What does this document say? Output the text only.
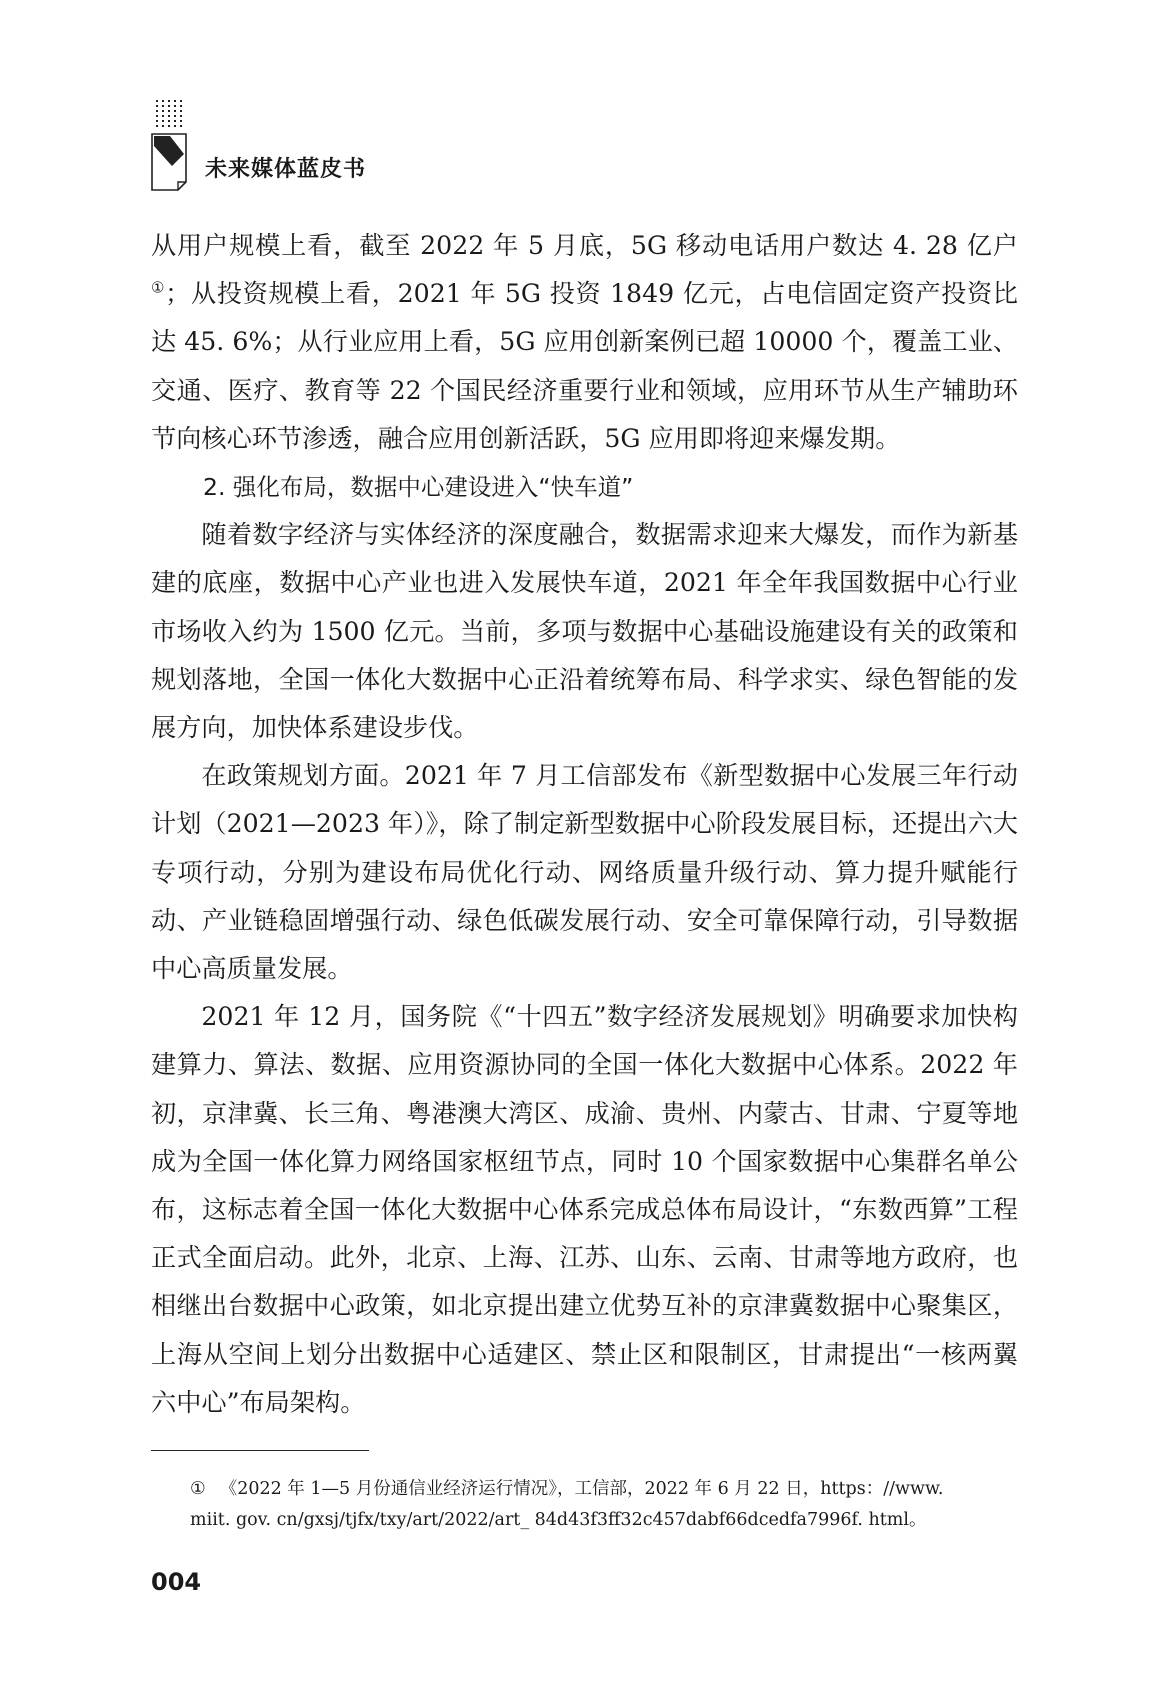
未来媒体蓝皮书

从用户规模上看，截至 2022 年 5 月底，5G 移动电话用户数达 4. 28 亿户①；从投资规模上看，2021 年 5G 投资 1849 亿元，占电信固定资产投资比达 45. 6%；从行业应用上看，5G 应用创新案例已超 10000 个，覆盖工业、交通、医疗、教育等 22 个国民经济重要行业和领域，应用环节从生产辅助环节向核心环节渗透，融合应用创新活跃，5G 应用即将迎来爆发期。

2. 强化布局，数据中心建设进入“快车道”

随着数字经济与实体经济的深度融合，数据需求迎来大爆发，而作为新基建的底座，数据中心产业也进入发展快车道，2021 年全年我国数据中心行业市场收入约为 1500 亿元。当前，多项与数据中心基础设施建设有关的政策和规划落地，全国一体化大数据中心正沿着统筹布局、科学求实、绿色智能的发展方向，加快体系建设步伐。

在政策规划方面。2021 年 7 月工信部发布《新型数据中心发展三年行动计划（2021—2023 年）》，除了制定新型数据中心阶段发展目标，还提出六大专项行动，分别为建设布局优化行动、网络质量升级行动、算力提升赋能行动、产业链稳固增强行动、绿色低碳发展行动、安全可靠保障行动，引导数据中心高质量发展。

2021 年 12 月，国务院《“十四五”数字经济发展规划》明确要求加快构建算力、算法、数据、应用资源协同的全国一体化大数据中心体系。2022 年初，京津冀、长三角、粤港澳大湾区、成渝、贵州、内蒙古、甘肃、宁夏等地成为全国一体化算力网络国家枢纽节点，同时 10 个国家数据中心集群名单公布，这标志着全国一体化大数据中心体系完成总体布局设计，“东数西算”工程正式全面启动。此外，北京、上海、江苏、山东、云南、甘肃等地方政府，也相继出台数据中心政策，如北京提出建立优势互补的京津冀数据中心聚集区，上海从空间上划分出数据中心适建区、禁止区和限制区，甘肃提出“一核两翼六中心”布局架构。

① 《2022 年 1—5 月份通信业经济运行情况》，工信部，2022 年 6 月 22 日，https：//www.
miit. gov. cn/gxsj/tjfx/txy/art/2022/art_ 84d43f3ff32c457dabf66dcedfa7996f. html。
004
